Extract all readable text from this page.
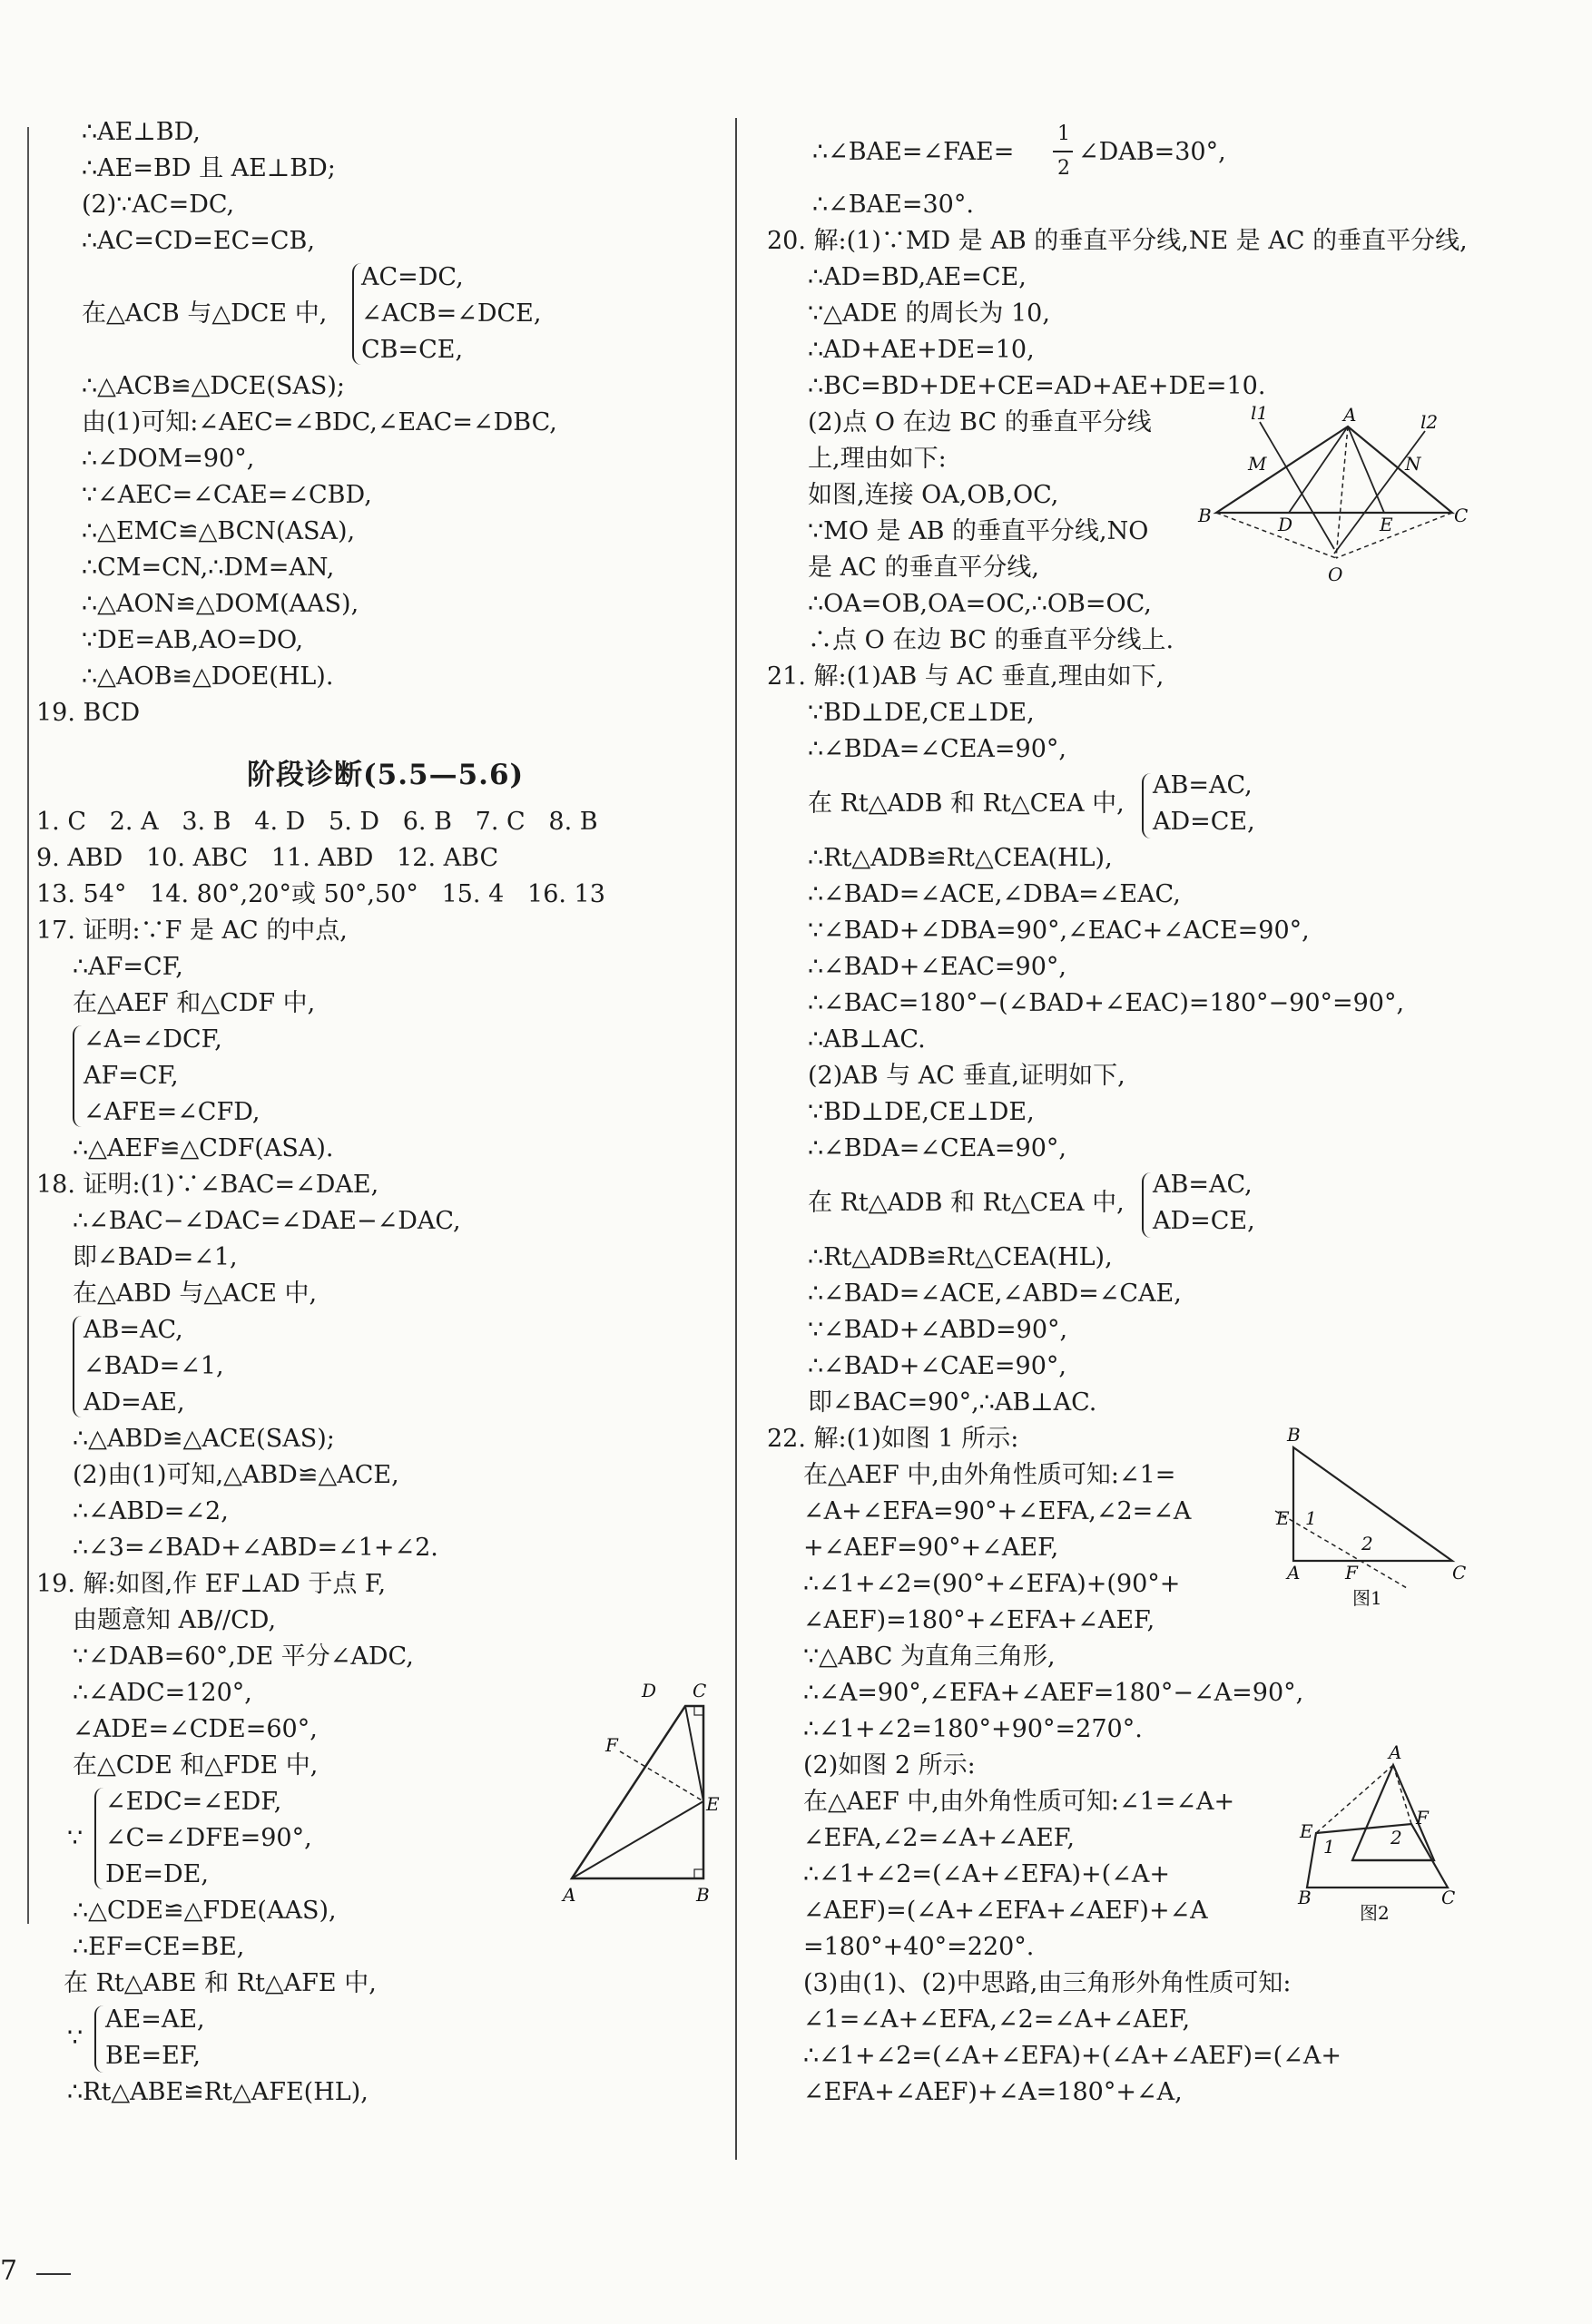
∴AE⊥BD,
∴AE=BD 且 AE⊥BD;
(2)∵AC=DC,
∴AC=CD=EC=CB,
AC=DC,
在△ACB 与△DCE 中, ∠ACB=∠DCE,
CB=CE,
∴△ACB≌△DCE(SAS);
由(1)可知:∠AEC=∠BDC,∠EAC=∠DBC,
∴∠DOM=90°,
∵∠AEC=∠CAE=∠CBD,
∴△EMC≌△BCN(ASA),
∴CM=CN,∴DM=AN,
∴△AON≌△DOM(AAS),
∵DE=AB,AO=DO,
∴△AOB≌△DOE(HL).
19. BCD
阶段诊断(5.5—5.6)
1. C   2. A   3. B   4. D   5. D   6. B   7. C   8. B
9. ABD   10. ABC   11. ABD   12. ABC
13. 54°   14. 80°,20°或 50°,50°   15. 4   16. 13
17. 证明:∵F 是 AC 的中点,
∴AF=CF,
在△AEF 和△CDF 中,
∠A=∠DCF,
AF=CF,
∠AFE=∠CFD,
∴△AEF≌△CDF(ASA).
18. 证明:(1)∵∠BAC=∠DAE,
∴∠BAC−∠DAC=∠DAE−∠DAC,
即∠BAD=∠1,
在△ABD 与△ACE 中,
AB=AC,
∠BAD=∠1,
AD=AE,
∴△ABD≌△ACE(SAS);
(2)由(1)可知,△ABD≌△ACE,
∴∠ABD=∠2,
∴∠3=∠BAD+∠ABD=∠1+∠2.
19. 解:如图,作 EF⊥AD 于点 F,
由题意知 AB//CD,
∵∠DAB=60°,DE 平分∠ADC,
∴∠ADC=120°,
∠ADE=∠CDE=60°,
在△CDE 和△FDE 中,
∠EDC=∠EDF,
∵ ∠C=∠DFE=90°,
DE=DE,
∴△CDE≌△FDE(AAS),
∴EF=CE=BE,
在 Rt△ABE 和 Rt△AFE 中,
AE=AE,
∵
BE=EF,
∴Rt△ABE≌Rt△AFE(HL),
D C
F
E
A	B
7
∴∠BAE=∠FAE=
1
2
∠DAB=30°,
∴∠BAE=30°.
20. 解:(1)∵MD 是 AB 的垂直平分线,NE 是 AC 的垂直平分线,
∴AD=BD,AE=CE,
∵△ADE 的周长为 10,
∴AD+AE+DE=10,
∴BC=BD+DE+CE=AD+AE+DE=10.
(2)点 O 在边 BC 的垂直平分线
上,理由如下:
如图,连接 OA,OB,OC,
∵MO 是 AB 的垂直平分线,NO
是 AC 的垂直平分线,
∴OA=OB,OA=OC,∴OB=OC,
∴点 O 在边 BC 的垂直平分线上.
21. 解:(1)AB 与 AC 垂直,理由如下,
∵BD⊥DE,CE⊥DE,
∴∠BDA=∠CEA=90°,
AB=AC,
在 Rt△ADB 和 Rt△CEA 中,
AD=CE,
∴Rt△ADB≌Rt△CEA(HL),
∴∠BAD=∠ACE,∠DBA=∠EAC,
∵∠BAD+∠DBA=90°,∠EAC+∠ACE=90°,
∴∠BAD+∠EAC=90°,
∴∠BAC=180°−(∠BAD+∠EAC)=180°−90°=90°,
∴AB⊥AC.
(2)AB 与 AC 垂直,证明如下,
∵BD⊥DE,CE⊥DE,
∴∠BDA=∠CEA=90°,
AB=AC,
在 Rt△ADB 和 Rt△CEA 中,
AD=CE,
∴Rt△ADB≌Rt△CEA(HL),
∴∠BAD=∠ACE,∠ABD=∠CAE,
∵∠BAD+∠ABD=90°,
∴∠BAD+∠CAE=90°,
即∠BAC=90°,∴AB⊥AC.
22. 解:(1)如图 1 所示:
在△AEF 中,由外角性质可知:∠1=
∠A+∠EFA=90°+∠EFA,∠2=∠A
+∠AEF=90°+∠AEF,
∴∠1+∠2=(90°+∠EFA)+(90°+
∠AEF)=180°+∠EFA+∠AEF,
∵△ABC 为直角三角形,
∴∠A=90°,∠EFA+∠AEF=180°−∠A=90°,
∴∠1+∠2=180°+90°=270°.
(2)如图 2 所示:
在△AEF 中,由外角性质可知:∠1=∠A+
∠EFA,∠2=∠A+∠AEF,
∴∠1+∠2=(∠A+∠EFA)+(∠A+
∠AEF)=(∠A+∠EFA+∠AEF)+∠A
=180°+40°=220°.
(3)由(1)、(2)中思路,由三角形外角性质可知:
∠1=∠A+∠EFA,∠2=∠A+∠AEF,
∴∠1+∠2=(∠A+∠EFA)+(∠A+∠AEF)=(∠A+
∠EFA+∠AEF)+∠A=180°+∠A,
l1	A	l2
M	N
B	D	E	C
O
B
E 1
2
A F	C
图1
A
F
E	2
1
B	C
图2
